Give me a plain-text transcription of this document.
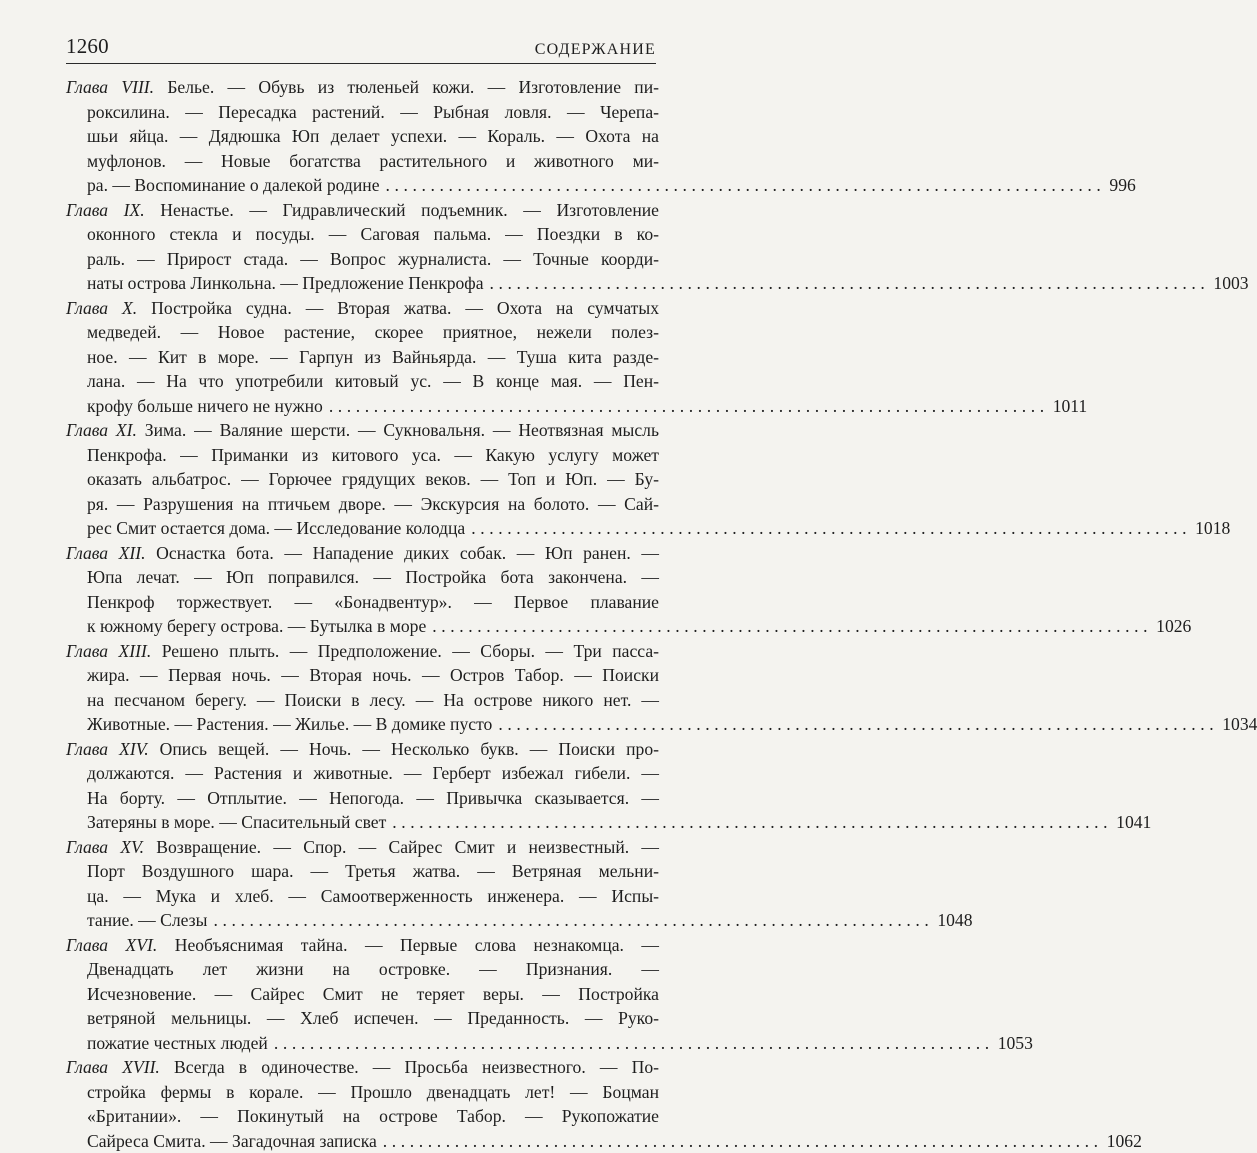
1260	СОДЕРЖАНИЕ
Глава VIII. Белье. — Обувь из тюленьей кожи. — Изготовление пи-
роксилина. — Пересадка растений. — Рыбная ловля. — Черепа-
шьи яйца. — Дядюшка Юп делает успехи. — Кораль. — Охота на
муфлонов. — Новые богатства растительного и животного ми-
ра. — Воспоминание о далекой родине ................................................................................ 996
Глава IX. Ненастье. — Гидравлический подъемник. — Изготовление
оконного стекла и посуды. — Саговая пальма. — Поездки в ко-
раль. — Прирост стада. — Вопрос журналиста. — Точные коорди-
наты острова Линкольна. — Предложение Пенкрофа ................................................................................ 1003
Глава X. Постройка судна. — Вторая жатва. — Охота на сумчатых
медведей. — Новое растение, скорее приятное, нежели полез-
ное. — Кит в море. — Гарпун из Вайньярда. — Туша кита разде-
лана. — На что употребили китовый ус. — В конце мая. — Пен-
крофу больше ничего не нужно ................................................................................ 1011
Глава XI. Зима. — Валяние шерсти. — Сукновальня. — Неотвязная мысль
Пенкрофа. — Приманки из китового уса. — Какую услугу может
оказать альбатрос. — Горючее грядущих веков. — Топ и Юп. — Бу-
ря. — Разрушения на птичьем дворе. — Экскурсия на болото. — Сай-
рес Смит остается дома. — Исследование колодца ................................................................................ 1018
Глава XII. Оснастка бота. — Нападение диких собак. — Юп ранен. —
Юпа лечат. — Юп поправился. — Постройка бота закончена. —
Пенкроф торжествует. — «Бонадвентур». — Первое плавание
к южному берегу острова. — Бутылка в море ................................................................................ 1026
Глава XIII. Решено плыть. — Предположение. — Сборы. — Три пасса-
жира. — Первая ночь. — Вторая ночь. — Остров Табор. — Поиски
на песчаном берегу. — Поиски в лесу. — На острове никого нет. —
Животные. — Растения. — Жилье. — В домике пусто ................................................................................ 1034
Глава XIV. Опись вещей. — Ночь. — Несколько букв. — Поиски про-
должаются. — Растения и животные. — Герберт избежал гибели. —
На борту. — Отплытие. — Непогода. — Привычка сказывается. —
Затеряны в море. — Спасительный свет ................................................................................ 1041
Глава XV. Возвращение. — Спор. — Сайрес Смит и неизвестный. —
Порт Воздушного шара. — Третья жатва. — Ветряная мельни-
ца. — Мука и хлеб. — Самоотверженность инженера. — Испы-
тание. — Слезы ................................................................................ 1048
Глава XVI. Необъяснимая тайна. — Первые слова незнакомца. —
Двенадцать лет жизни на островке. — Признания. —
Исчезновение. — Сайрес Смит не теряет веры. — Постройка
ветряной мельницы. — Хлеб испечен. — Преданность. — Руко-
пожатие честных людей ................................................................................ 1053
Глава XVII. Всегда в одиночестве. — Просьба неизвестного. — По-
стройка фермы в корале. — Прошло двенадцать лет! — Боцман
«Британии». — Покинутый на острове Табор. — Рукопожатие
Сайреса Смита. — Загадочная записка ................................................................................ 1062
